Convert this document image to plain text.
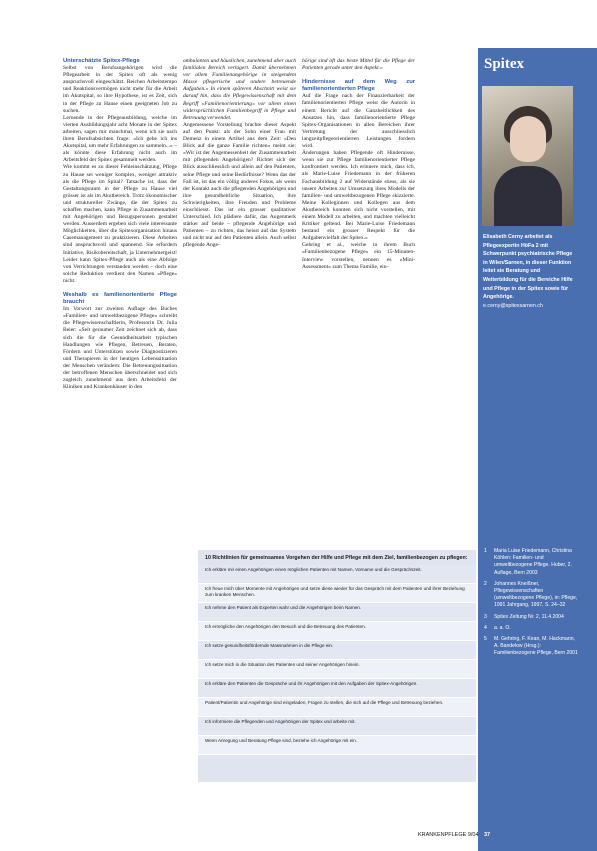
Spitex
Elisabeth Cerny arbeitet als Pflegeexpertin HöFa 2 mit Schwerpunkt psychiatrische Pflege in Wilen/Sarnen, in dieser Funktion leitet sie Beratung und Weiterbildung für die Bereiche Hilfe und Pflege in der Spitex sowie für Angehörige. e.cerny@spitexsarnen.ch
Unterschätzte Spitex-Pflege

Selbst von Berufsangehörigen wird die Pflegearbeit in der Spitex oft als wenig anspruchsvoll eingeschätzt. Reichen Arbeitstempo und Reaktionsvermögen nicht mehr für die Arbeit im Akutspital, so ihre Hypothese, ist es Zeit, sich in der Pflege zu Hause einen geeigneten Job zu suchen.

Lernende in der Pflegeausbildung, welche im vierten Ausbildungsjahr acht Monate in der Spitex arbeiten, sagen mir manchmal, wenn ich sie nach ihren Berufsabsichten frage: «Ich gehe ich ins Akutspital, um mehr Erfahrungen zu sammeln...» – als könnte diese Erfahrung nicht auch im Arbeitsfeld der Spitex gesammelt werden.

Wie kommt es zu dieser Fehleinschätzung, Pflege zu Hause sei weniger komplex, weniger attraktiv als die Pflege im Spital? Tatsache ist, dass der Gestaltungsraum in der Pflege zu Hause viel grösser ist als im Akutbereich. Trotz ökonomischer und struktureller Zwänge, die der Spitex zu schaffen machen, kann Pflege in Zusammenarbeit mit Angehörigen und Bezugspersonen gestaltet werden. Ausserdem ergeben sich viele interessante Möglichkeiten, über die Spitexorganisation hinaus Casemanagement zu praktizieren. Diese Arbeiten sind anspruchsvoll und spannend. Sie erfordern Initiative, Risikobereitschaft, ja Unternehmergeist! Leider kann Spitex-Pflege auch als eine Abfolge von Verrichtungen verstanden werden – doch eine solche Reduktion verdient den Namen «Pflege» nicht.

Weshalb es familienorientierte Pflege braucht

Im Vorwort zur zweiten Auflage des Buches «Familien- und umweltbezogene Pflege» schreibt die Pflegewissenschaftlerin, Professorin Dr. Julia Beier: «Seit geraumer Zeit zeichnet sich ab, dass sich die für die Gesundheitsarbeit typischen Handlungen wie Pflegen, Betreuen, Beraten, Fördern und Unterstützen sowie Diagnostizieren und Therapieren in der heutigen Lebenssituation der Menschen verändern: Die Betreuungssituation der betroffenen Menschen überschneidet und sich zugleich zunehmend aus dem Arbeitsfeld der Kliniken und Krankenhäuser in den

ambulanten und häuslichen, zunehmend aber auch familialen Bereich verlagert. Damit übernehmen vor allem Familienangehörige in steigendem Masse pflegerische und andere betreuende Aufgaben.» In einem späteren Abschnitt weist sie darauf hin, dass die Pflegewissenschaft mit dem Begriff «Familienorientierung» vor allem einen widersprüchlichen Familienbegriff in Pflege und Betreuung verwendet.

Angemessene Vorstellung brachte dieser Aspekt auf den Punkt: als der Sohn einer Frau mit Demenz in einem Artikel aus dem Zeit: «Den Blick auf die ganze Familie richten» meint sie: «Wir ist der Angemessenheit der Zusammenarbeit mit pflegenden Angehörigen? Richtet sich der Blick ausschliesslich und allein auf den Patienten, seine Pflege und seine Bedürfnisse? Wenn das der Fall ist, ist das ein völlig anderes Fokus, als wenn der Kontakt auch die pflegenden Angehörigen und ihre gesundheitliche Situation, ihre Schwierigkeiten, ihre Freuden und Probleme einschliesst. Das ist ein grosser qualitativer Unterschied. Ich plädiere dafür, das Augenmerk stärker auf beide – pflegende Angehörige und Patienten – zu richten, das heisst auf das System und nicht nur auf den Patienten allein. Auch selbst pflegende Ange-

hörige sind oft das beste Mittel für die Pflege der Patienten gerade unter den Aspekt.»

Hindernisse auf dem Weg zur familienorientierten Pflege

Auf die Frage nach der Finanzierbarkeit der familienorientierten Pflege weist die Autorin in einem Bericht auf die Ganzheitlichkeit des Ansatzes hin, dass familienorientierte Pflege Spitex-Organisationen in allen Bereichen ihrer Vertretung der ausschliesslich langzeitpflegeorientierten Leistungen fordern wird.

Änderungen haben Pflegende oft Hindernisse, wenn sie zur Pflege familienorientierter Pflege konfrontiert werden. Ich erinnere mich, dass ich, als Marie-Luise Friedemann in der früheren Fachausbildung 2 auf Widerstände stiess, als sie unsere Arbeiten zur Umsetzung ihres Modells der familien- und umweltbezogenen Pflege skizzierte. Meine Kolleginnen und Kollegen aus dem Akutbereich konnten sich nicht vorstellen, mit einem Modell zu arbeiten, und machten vielleicht Kritiker geltend. Bei Marie-Luise Friedemann bestand ein grosser Respekt für die Aufgabenvielfalt der Spitex.»

Gehring et al., welche in ihrem Buch «Familienbezogene Pflege» ein 15-Minuten-Interview vorstellen, nennen es «Mini-Assessment» zum Thema Familie, ein-

10 Richtlinien für gemeinsames Vorgehen der Hilfe und Pflege mit dem Ziel, familienbezogen zu pflegen:
Ich erkläre mir einen Angehörigen einen möglichen Patienten mit Namen, Vorname und die Gesprächszeit.
Ich freue mich über Momente mit Angehörigen und setze diese wieder für das Gespräch mit dem Patienten und ihrer Beziehung zum kranken Menschen.
Ich nehme den Patient als Experten wahr und die Angehörigen beim Namen.
Ich ermögliche den Angehörigen den Besuch und die Betreuung des Patienten.
Ich setze gesundheitsfördernde Massnahmen in die Pflege ein.
Ich setze mich in die Situation des Patienten und seiner Angehörigen hinein.
Ich erkläre den Patienten die Gespräche und ihr Angehörigen mit den Aufgaben der Spitex-Angehörigen.
Patient/Patientin und Angehörige sind eingeladen, Fragen zu stellen, die sich auf die Pflege und Betreuung beziehen.
Ich informiere die Pflegenden und Angehörigen der Spitex und arbeite mit.
Wenn Anregung und Beratung Pflege sind, beziehe ich Angehörige mit ein.
1	Maria Luise Friedemann, Christina Köhlen: Familien- und umweltbezogene Pflege. Huber, 2. Auflage, Bern 2003
2	Johannes Kneißner, Pflegewissenschaften (umweltbezogene Pflege), in: Pflege, 1991 Jahrgang, 1997, S. 24–32
3	Spitex Zeitung Nr. 2, 11.4.2004
4	a. a. O.
5	M. Gehring, F. Kean, M. Hackmann, A. Bandelow (Hrsg.): Familienbezogene Pflege, Bern 2001
KRANKENPFLEGE 9/04 37
